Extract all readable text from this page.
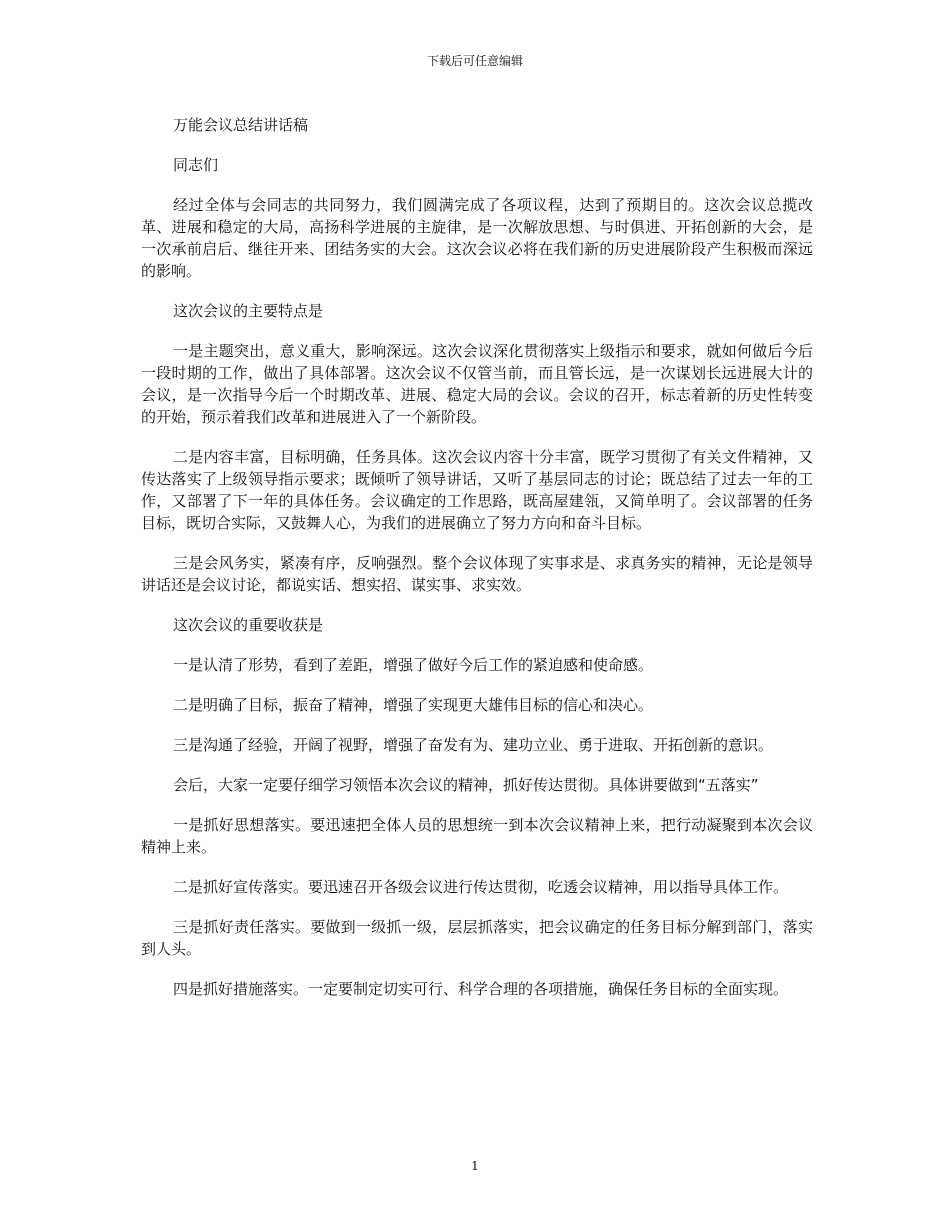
下载后可任意编辑

万能会议总结讲话稿

同志们

经过全体与会同志的共同努力，我们圆满完成了各项议程，达到了预期目的。这次会议总揽改革、进展和稳定的大局，高扬科学进展的主旋律，是一次解放思想、与时俱进、开拓创新的大会，是一次承前启后、继往开来、团结务实的大会。这次会议必将在我们新的历史进展阶段产生积极而深远的影响。

这次会议的主要特点是

一是主题突出，意义重大，影响深远。这次会议深化贯彻落实上级指示和要求，就如何做后今后一段时期的工作，做出了具体部署。这次会议不仅管当前，而且管长远，是一次谋划长远进展大计的会议，是一次指导今后一个时期改革、进展、稳定大局的会议。会议的召开，标志着新的历史性转变的开始，预示着我们改革和进展进入了一个新阶段。

二是内容丰富，目标明确，任务具体。这次会议内容十分丰富，既学习贯彻了有关文件精神，又传达落实了上级领导指示要求；既倾听了领导讲话，又听了基层同志的讨论；既总结了过去一年的工作，又部署了下一年的具体任务。会议确定的工作思路，既高屋建瓴，又简单明了。会议部署的任务目标，既切合实际，又鼓舞人心，为我们的进展确立了努力方向和奋斗目标。

三是会风务实，紧凑有序，反响强烈。整个会议体现了实事求是、求真务实的精神，无论是领导讲话还是会议讨论，都说实话、想实招、谋实事、求实效。

这次会议的重要收获是

一是认清了形势，看到了差距，增强了做好今后工作的紧迫感和使命感。

二是明确了目标，振奋了精神，增强了实现更大雄伟目标的信心和决心。

三是沟通了经验，开阔了视野，增强了奋发有为、建功立业、勇于进取、开拓创新的意识。

会后，大家一定要仔细学习领悟本次会议的精神，抓好传达贯彻。具体讲要做到“五落实”

一是抓好思想落实。要迅速把全体人员的思想统一到本次会议精神上来，把行动凝聚到本次会议精神上来。

二是抓好宣传落实。要迅速召开各级会议进行传达贯彻，吃透会议精神，用以指导具体工作。

三是抓好责任落实。要做到一级抓一级，层层抓落实，把会议确定的任务目标分解到部门，落实到人头。

四是抓好措施落实。一定要制定切实可行、科学合理的各项措施，确保任务目标的全面实现。

1
